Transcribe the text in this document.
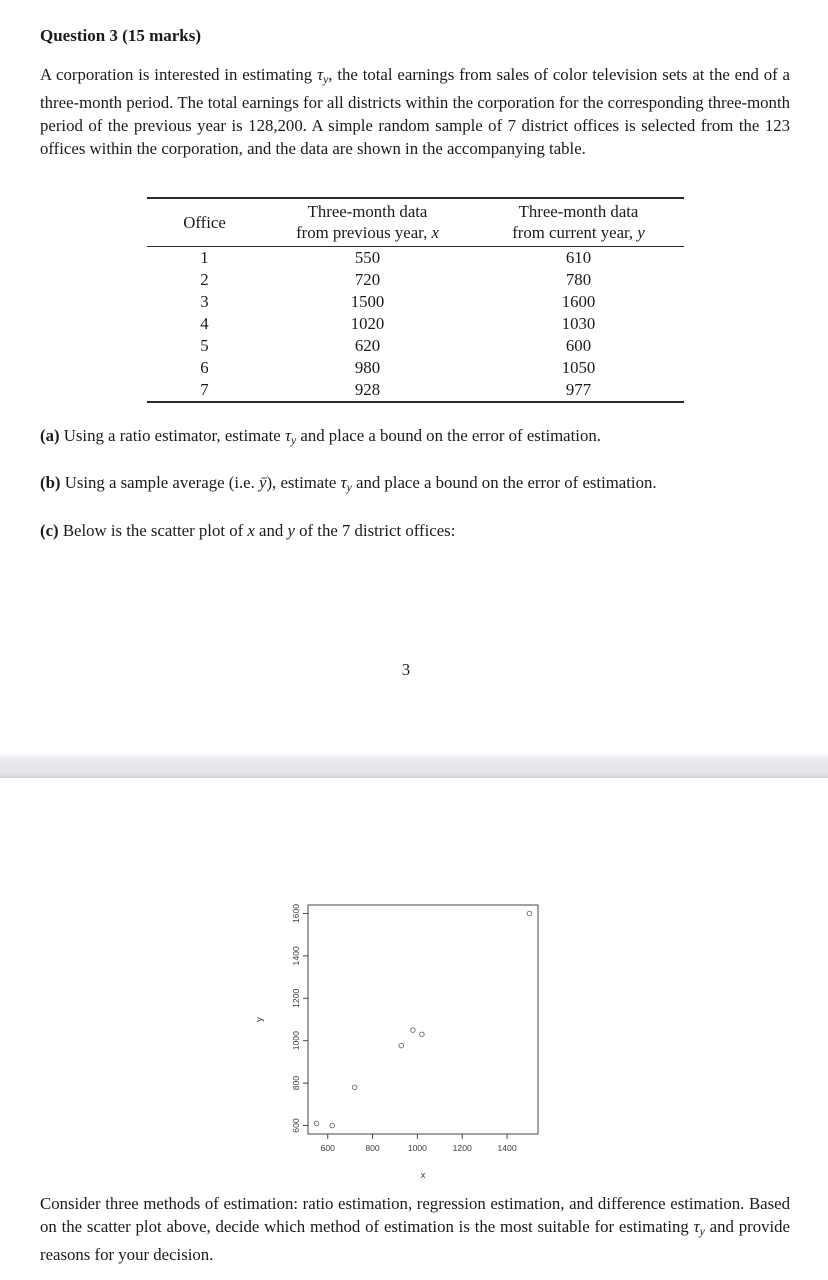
Question 3 (15 marks)

A corporation is interested in estimating τy, the total earnings from sales of color television sets at the end of a three-month period. The total earnings for all districts within the corporation for the corresponding three-month period of the previous year is 128,200. A simple random sample of 7 district offices is selected from the 123 offices within the corporation, and the data are shown in the accompanying table.

Office	
Three-month data
from previous year, x

Three-month data
from current year, y

1	550	610
2	720	780
3	1500	1600
4	1020	1030
5	620	600
6	980	1050
7	928	977

(a) Using a ratio estimator, estimate τy and place a bound on the error of estimation.

(b) Using a sample average (i.e. ȳ), estimate τy and place a bound on the error of estimation.

(c) Below is the scatter plot of x and y of the 7 district offices:

3
600	800	1000	1200	1400
600
800
1000
1200
1400
1600
x
y

Consider three methods of estimation: ratio estimation, regression estimation, and difference estimation. Based on the scatter plot above, decide which method of estimation is the most suitable for estimating τy and provide reasons for your decision.
